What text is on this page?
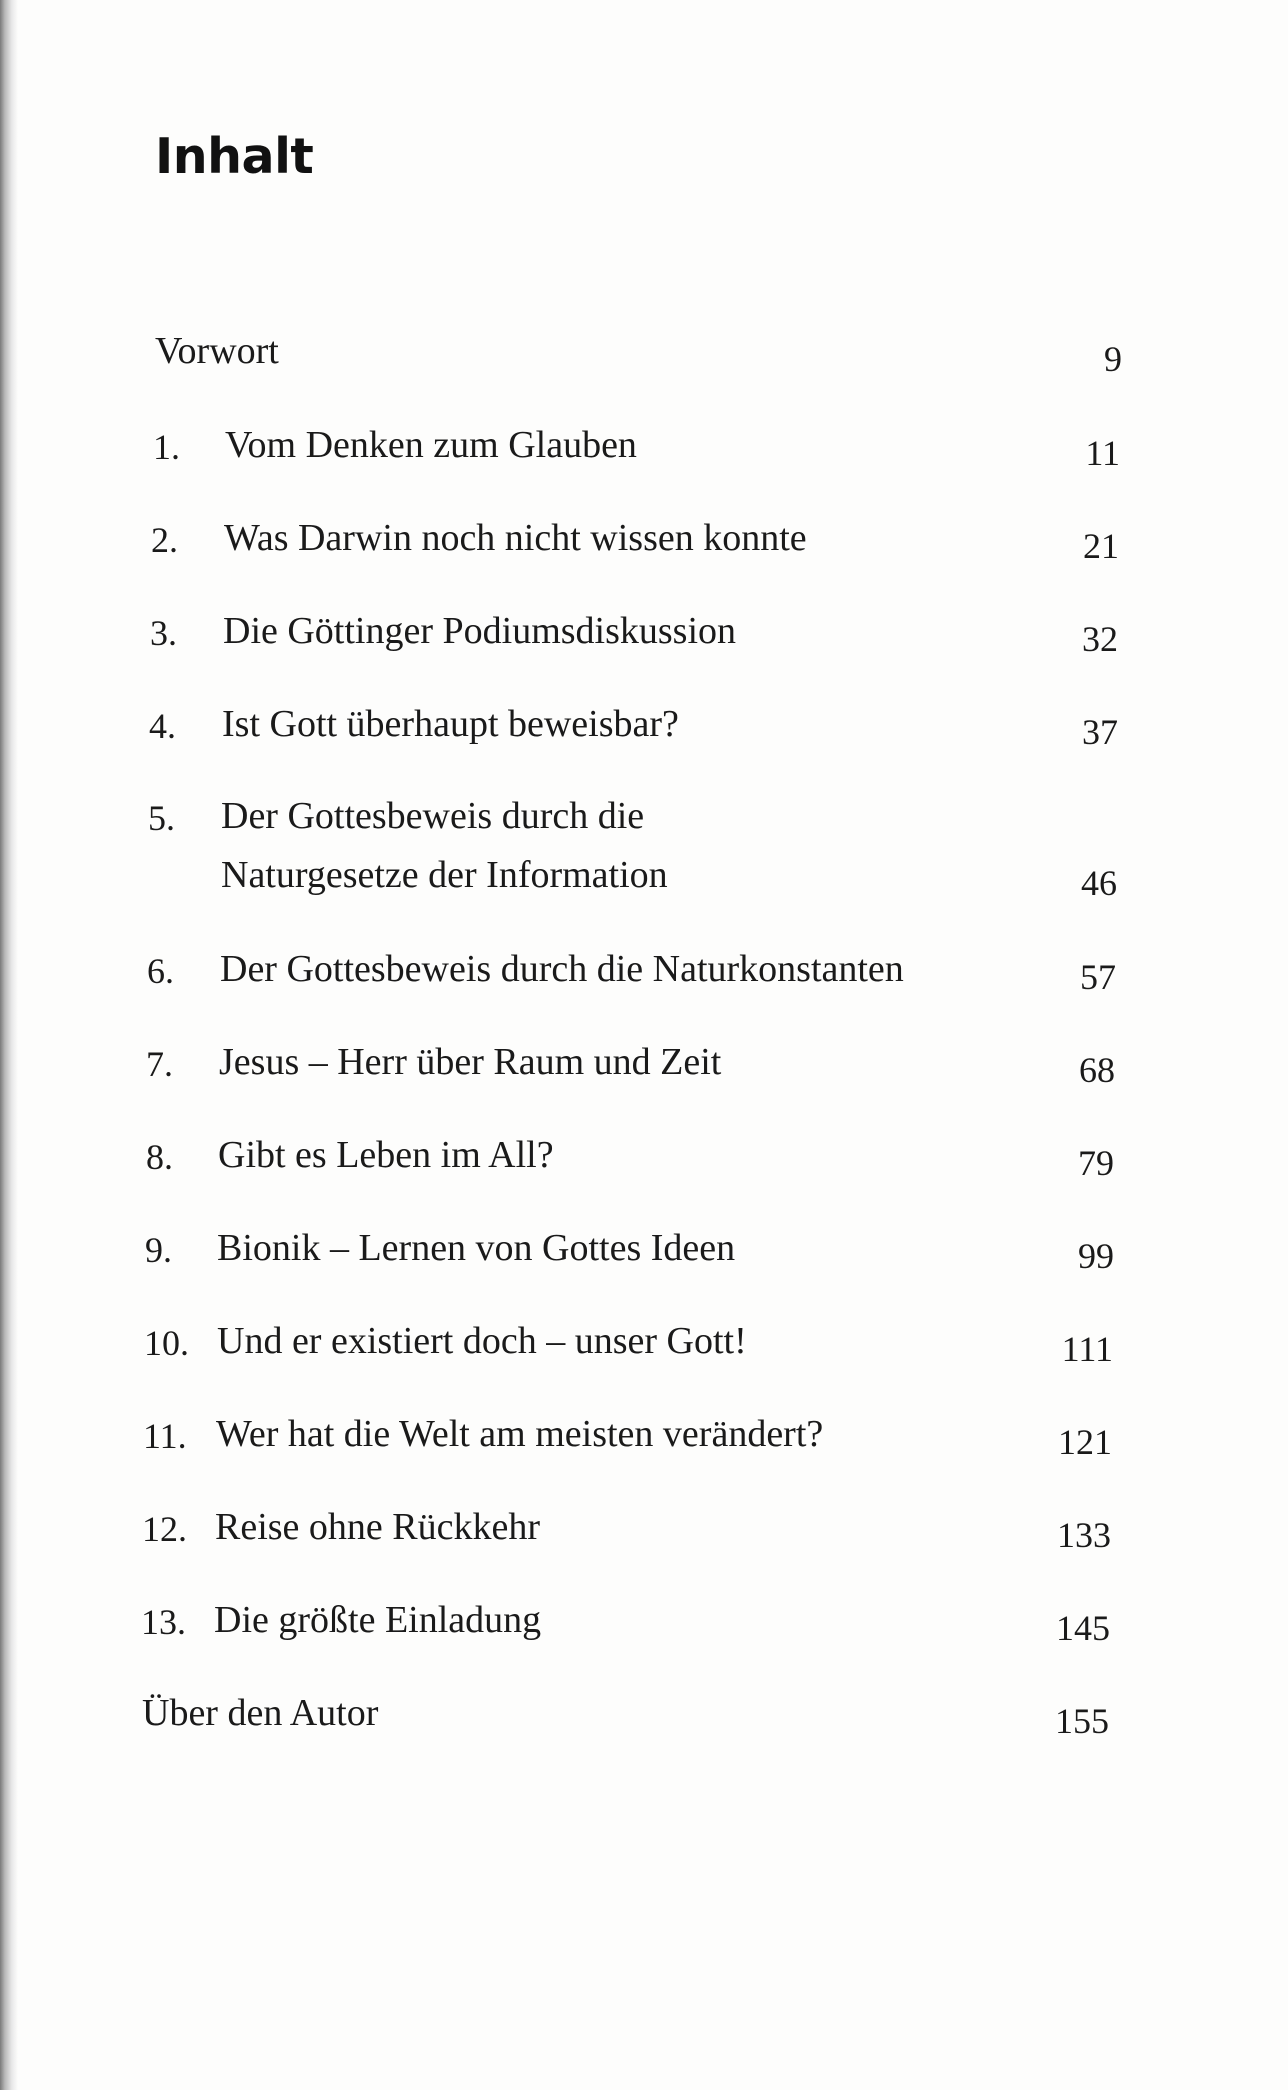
Inhalt
Vorwort	9
1. Vom Denken zum Glauben	11
2. Was Darwin noch nicht wissen konnte	21
3. Die Göttinger Podiumsdiskussion	32
4. Ist Gott überhaupt beweisbar?	37
5. Der Gottesbeweis durch die
Naturgesetze der Information	46
6. Der Gottesbeweis durch die Naturkonstanten	57
7. Jesus – Herr über Raum und Zeit	68
8. Gibt es Leben im All?	79
9. Bionik – Lernen von Gottes Ideen	99
10. Und er existiert doch – unser Gott!	111
11. Wer hat die Welt am meisten verändert?	121
12. Reise ohne Rückkehr	133
13. Die größte Einladung	145
Über den Autor	155
